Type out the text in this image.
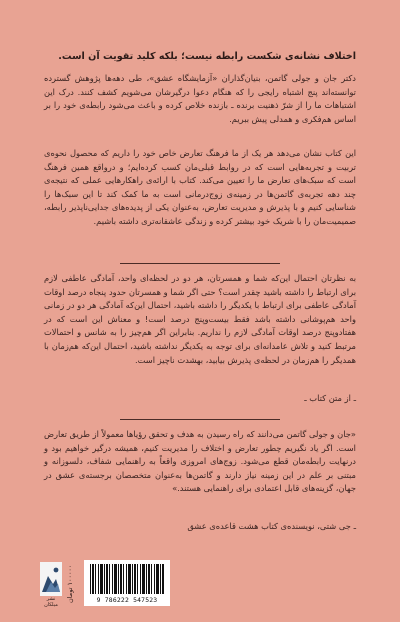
اختلاف نشانه‌ی شکست رابطه نیست؛ بلکه کلید تقویت آن است.

دکتر جان و جولی گاتمن، بنیان‌گذاران «آزمایشگاه عشق»، طی دهه‌ها پژوهش گسترده توانسته‌اند پنج اشتباه رایجی را که هنگام دعوا درگیرشان می‌شویم کشف کنند. درک این اشتباهات ما را از شرّ ذهنیت برنده ـ بازنده خلاص کرده و باعث می‌شود رابطه‌ی خود را بر اساس هم‌فکری و همدلی پیش ببریم.

این کتاب نشان می‌دهد هر یک از ما فرهنگ تعارض خاص خود را داریم که محصول نحوه‌ی تربیت و تجربه‌هایی است که در روابط قبلی‌مان کسب کرده‌ایم؛ و درواقع همین فرهنگ است که سبک‌های تعارض ما را تعیین می‌کند. کتاب با ارائه‌ی راهکارهایی عملی که نتیجه‌ی چند دهه تجربه‌ی گاتمن‌ها در زمینه‌ی زوج‌درمانی است به ما کمک کند تا این سبک‌ها را شناسایی کنیم و با پذیرش و مدیریت تعارض، به‌عنوان یکی از پدیده‌های جدایی‌ناپذیر رابطه، صمیمیت‌مان را با شریک خود بیشتر کرده و زندگی عاشقانه‌تری داشته باشیم.

به نظرتان احتمال این‌که شما و همسرتان، هر دو در لحظه‌ای واحد، آمادگی عاطفی لازم برای ارتباط را داشته باشید چقدر است؟ حتی اگر شما و همسرتان حدود پنجاه درصد اوقات آمادگی عاطفی برای ارتباط با یکدیگر را داشته باشید، احتمال این‌که آمادگی هر دو در زمانی واحد هم‌پوشانی داشته باشد فقط بیست‌وپنج درصد است! و معناش این است که در هفتادوپنج درصد اوقات آمادگی لازم را نداریم. بنابراین اگر هم‌چیز را به شانس و احتمالات مرتبط کنید و تلاش عامدانه‌ای برای توجه به یکدیگر نداشته باشید، احتمال این‌که هم‌زمان با همدیگر را هم‌زمان در لحظه‌ی پذیرش بیابید، بهشدت ناچیز است.

ـ از متن کتاب ـ

«جان و جولی گاتمن می‌دانند که راه رسیدن به هدف و تحقق رؤیاها معمولاً از طریق تعارض است. اگر یاد نگیریم چطور تعارض و اختلاف را مدیریت کنیم، همیشه درگیر خواهیم بود و درنهایت رابطه‌مان قطع می‌شود. زوج‌های امروزی واقعاً به راهنمایی شفاف، دلسوزانه و مبتنی بر علم در این زمینه نیاز دارند و گاتمن‌ها به‌عنوان متخصصان برجسته‌ی عشق در جهان، گزینه‌های قابل اعتمادی برای راهنمایی هستند.»

ـ جی شتی، نویسنده‌ی کتاب هشت قاعده‌ی عشق
نشر میلکان
۱۰۰۰۰۰ تومان
9 786222 547523
